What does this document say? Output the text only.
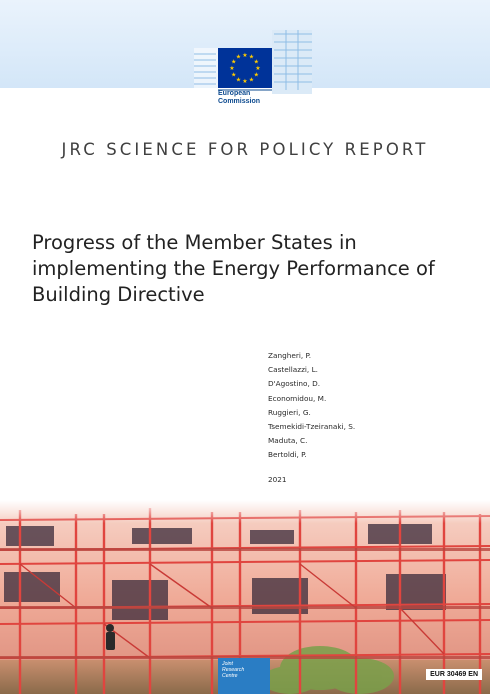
★ ★
★
★
★
★
★
★
★
★
★
★
European
Commission
JRC SCIENCE FOR POLICY REPORT
Progress of the Member States in
implementing the Energy Performance of
Building Directive
Zangheri, P.
Castellazzi, L.
D'Agostino, D.
Economidou, M.
Ruggieri, G.
Tsemekidi-Tzeiranaki, S.
Maduta, C.
Bertoldi, P.
2021
Joint
Research
Centre	EUR 30469 EN
